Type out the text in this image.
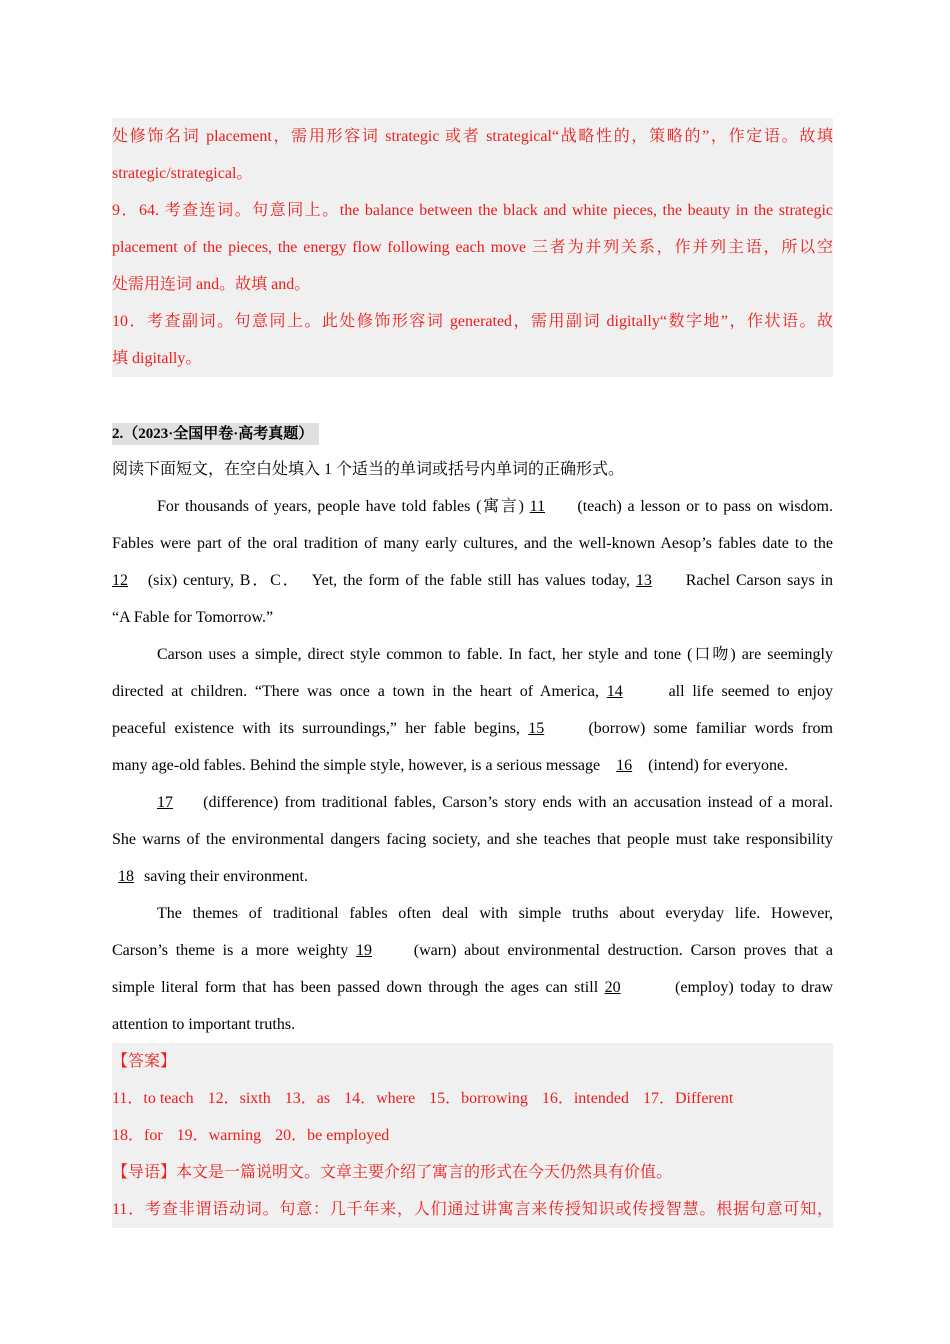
处修饰名词 placement，需用形容词 strategic 或者 strategical“战略性的，策略的”，作定语。故填
strategic/strategical。
9．64. 考查连词。句意同上。the balance between the black and white pieces, the beauty in the strategic
placement of the pieces, the energy flow following each move 三者为并列关系，作并列主语，所以空
处需用连词 and。故填 and。
10．考查副词。句意同上。此处修饰形容词 generated，需用副词 digitally“数字地”，作状语。故
填 digitally。
2.（2023·全国甲卷·高考真题）
阅读下面短文，在空白处填入 1 个适当的单词或括号内单词的正确形式。
For thousands of years, people have told fables (寓言) 11 (teach) a lesson or to pass on wisdom.
Fables were part of the oral tradition of many early cultures, and the well-known Aesop’s fables date to the
12 (six) century, B．C．  Yet, the form of the fable still has values today, 13 Rachel Carson says in
“A Fable for Tomorrow.”
Carson uses a simple, direct style common to fable. In fact, her style and tone (口吻) are seemingly
directed at children. “There was once a town in the heart of America, 14 all life seemed to enjoy
peaceful existence with its surroundings,” her fable begins, 15 (borrow) some familiar words from
many age-old fables. Behind the simple style, however, is a serious message 16 (intend) for everyone.
17 (difference) from traditional fables, Carson’s story ends with an accusation instead of a moral.
She warns of the environmental dangers facing society, and she teaches that people must take responsibility
18 saving their environment.
The themes of traditional fables often deal with simple truths about everyday life. However,
Carson’s theme is a more weighty 19 (warn) about environmental destruction. Carson proves that a
simple literal form that has been passed down through the ages can still 20	(employ) today to draw
attention to important truths.
【答案】
11．to teach 12．sixth 13．as 14．where 15．borrowing 16．intended 17．Different
18．for 19．warning 20．be employed
【导语】本文是一篇说明文。文章主要介绍了寓言的形式在今天仍然具有价值。
11．考查非谓语动词。句意：几千年来，人们通过讲寓言来传授知识或传授智慧。根据句意可知，
